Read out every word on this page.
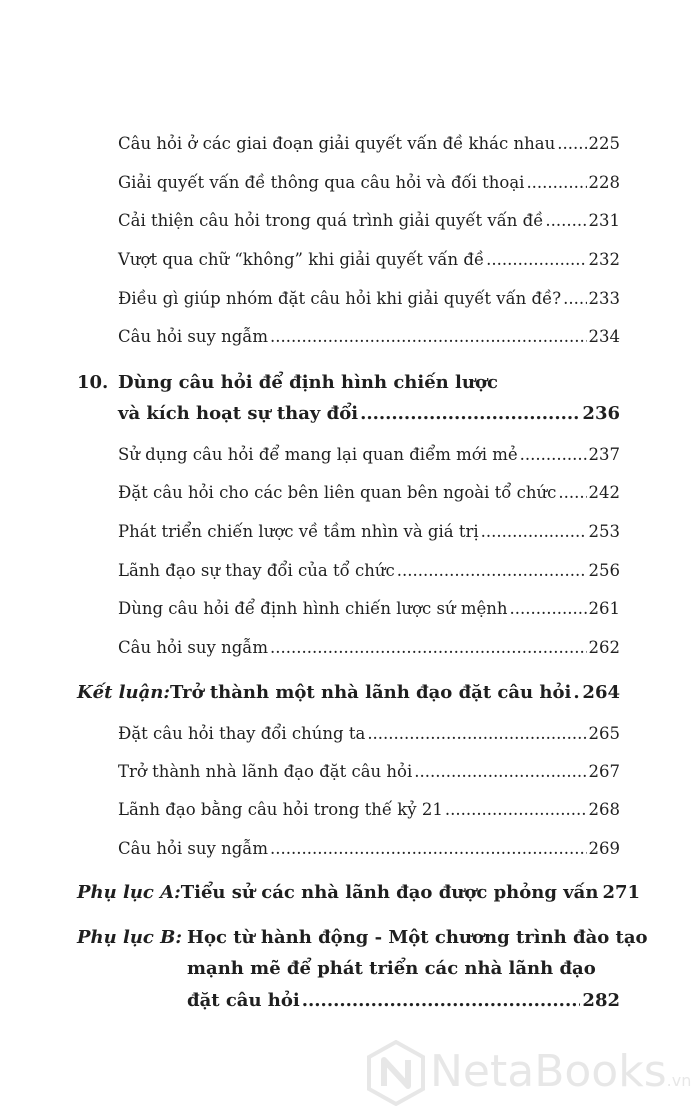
Câu hỏi ở các giai đoạn giải quyết vấn đề khác nhau ..... 225
Giải quyết vấn đề thông qua câu hỏi và đối thoại .....	228
Cải thiện câu hỏi trong quá trình giải quyết vấn đề .....	231
Vượt qua chữ “không” khi giải quyết vấn đề .....	232
Điều gì giúp nhóm đặt câu hỏi khi giải quyết vấn đề? ..... 233
Câu hỏi suy ngẫm .....	234
10. Dùng câu hỏi để định hình chiến lược
và kích hoạt sự thay đổi .....	236
Sử dụng câu hỏi để mang lại quan điểm mới mẻ .....	237
Đặt câu hỏi cho các bên liên quan bên ngoài tổ chức ..... 242
Phát triển chiến lược về tầm nhìn và giá trị .....	253
Lãnh đạo sự thay đổi của tổ chức .....	256
Dùng câu hỏi để định hình chiến lược sứ mệnh .....	261
Câu hỏi suy ngẫm .....	262
Kết luận: Trở thành một nhà lãnh đạo đặt câu hỏi ..... 264
Đặt câu hỏi thay đổi chúng ta .....	265
Trở thành nhà lãnh đạo đặt câu hỏi .....	267
Lãnh đạo bằng câu hỏi trong thế kỷ 21 .....	268
Câu hỏi suy ngẫm .....	269
Phụ lục A: Tiểu sử các nhà lãnh đạo được phỏng vấn 271
Phụ lục B: Học từ hành động - Một chương trình đào tạo
mạnh mẽ để phát triển các nhà lãnh đạo
đặt câu hỏi .....	282
NetaBooks.vn
